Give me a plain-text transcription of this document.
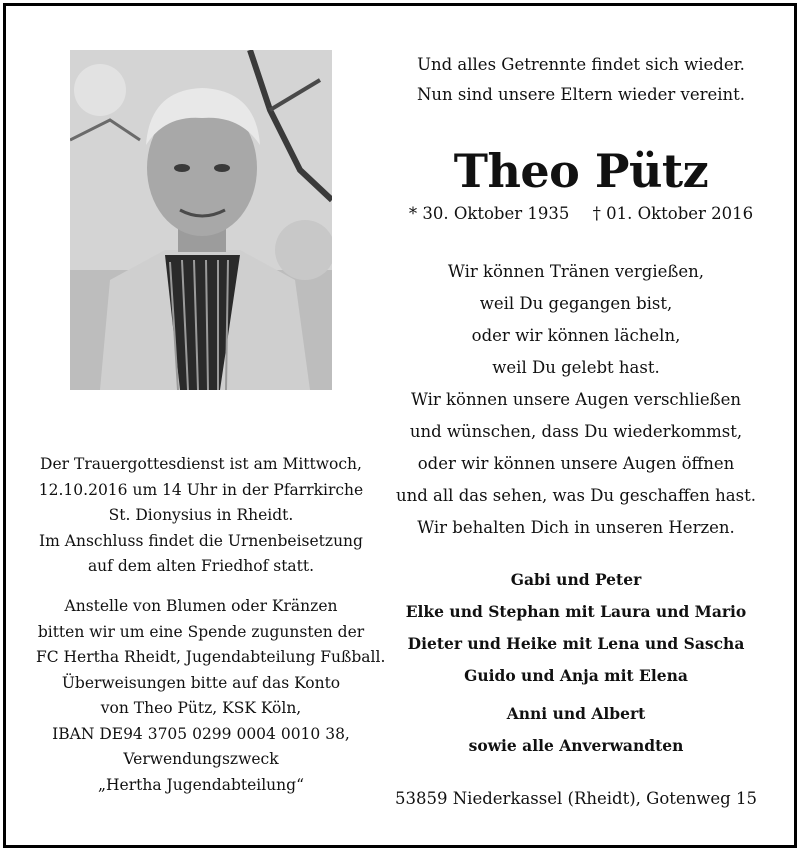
Und alles Getrennte findet sich wieder.
Nun sind unsere Eltern wieder vereint.
Theo Pütz
* 30. Oktober 1935 † 01. Oktober 2016
Wir können Tränen vergießen,
weil Du gegangen bist,
oder wir können lächeln,
weil Du gelebt hast.
Wir können unsere Augen verschließen
und wünschen, dass Du wiederkommst,
oder wir können unsere Augen öffnen
und all das sehen, was Du geschaffen hast.
Wir behalten Dich in unseren Herzen.
Gabi und Peter
Elke und Stephan mit Laura und Mario
Dieter und Heike mit Lena und Sascha
Guido und Anja mit Elena
Anni und Albert
sowie alle Anverwandten
53859 Niederkassel (Rheidt), Gotenweg 15
Der Trauergottesdienst ist am Mittwoch,
12.10.2016 um 14 Uhr in der Pfarrkirche
St. Dionysius in Rheidt.
Im Anschluss findet die Urnenbeisetzung
auf dem alten Friedhof statt.
Anstelle von Blumen oder Kränzen
bitten wir um eine Spende zugunsten der
FC Hertha Rheidt, Jugendabteilung Fußball.
Überweisungen bitte auf das Konto
von Theo Pütz, KSK Köln,
IBAN DE94 3705 0299 0004 0010 38,
Verwendungszweck
„Hertha Jugendabteilung“
